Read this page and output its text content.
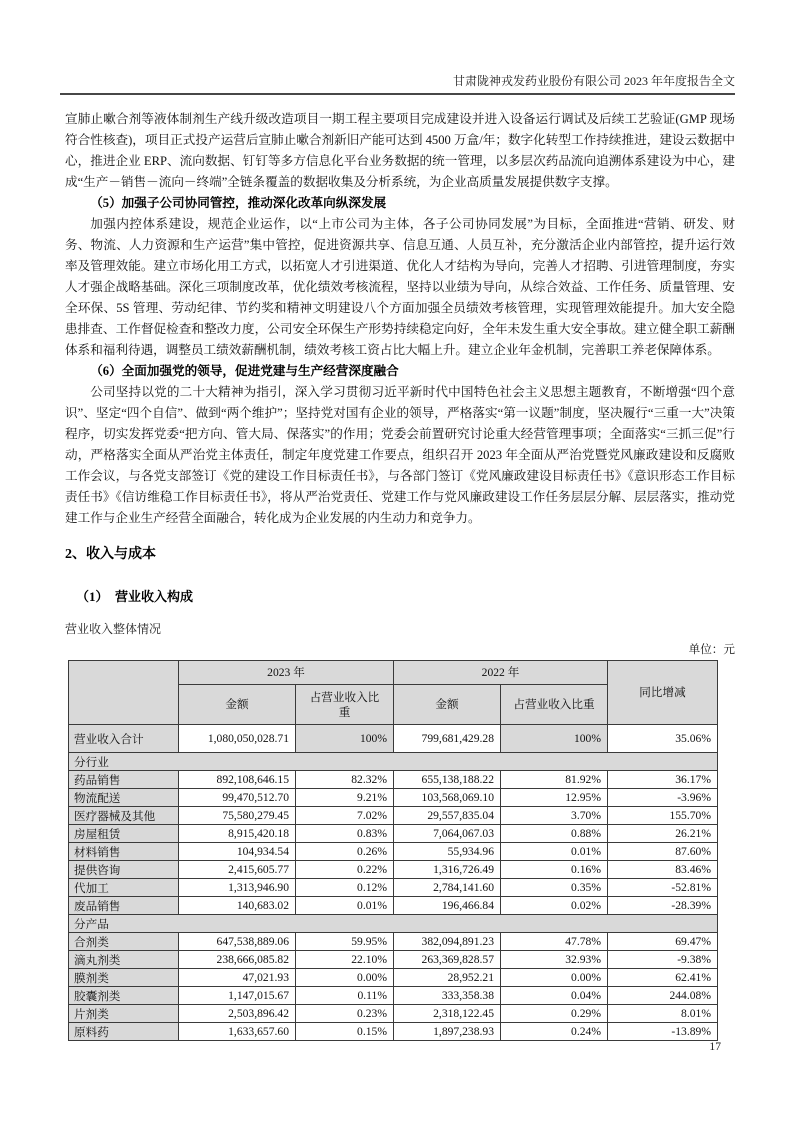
甘肃陇神戎发药业股份有限公司 2023 年年度报告全文

宣肺止嗽合剂等液体制剂生产线升级改造项目一期工程主要项目完成建设并进入设备运行调试及后续工艺验证(GMP 现场符合性核查)，项目正式投产运营后宣肺止嗽合剂新旧产能可达到 4500 万盒/年；数字化转型工作持续推进，建设云数据中心，推进企业 ERP、流向数据、钉钉等多方信息化平台业务数据的统一管理，以多层次药品流向追溯体系建设为中心，建成“生产－销售－流向－终端”全链条覆盖的数据收集及分析系统，为企业高质量发展提供数字支撑。

（5）加强子公司协同管控，推动深化改革向纵深发展

加强内控体系建设，规范企业运作，以“上市公司为主体，各子公司协同发展”为目标，全面推进“营销、研发、财务、物流、人力资源和生产运营”集中管控，促进资源共享、信息互通、人员互补，充分激活企业内部管控，提升运行效率及管理效能。建立市场化用工方式，以拓宽人才引进渠道、优化人才结构为导向，完善人才招聘、引进管理制度，夯实人才强企战略基础。深化三项制度改革，优化绩效考核流程，坚持以业绩为导向，从综合效益、工作任务、质量管理、安全环保、5S 管理、劳动纪律、节约奖和精神文明建设八个方面加强全员绩效考核管理，实现管理效能提升。加大安全隐患排查、工作督促检查和整改力度，公司安全环保生产形势持续稳定向好，全年未发生重大安全事故。建立健全职工薪酬体系和福利待遇，调整员工绩效薪酬机制，绩效考核工资占比大幅上升。建立企业年金机制，完善职工养老保障体系。

（6）全面加强党的领导，促进党建与生产经营深度融合

公司坚持以党的二十大精神为指引，深入学习贯彻习近平新时代中国特色社会主义思想主题教育，不断增强“四个意识”、坚定“四个自信”、做到“两个维护”；坚持党对国有企业的领导，严格落实“第一议题”制度，坚决履行“三重一大”决策程序，切实发挥党委“把方向、管大局、保落实”的作用；党委会前置研究讨论重大经营管理事项；全面落实“三抓三促”行动，严格落实全面从严治党主体责任，制定年度党建工作要点，组织召开 2023 年全面从严治党暨党风廉政建设和反腐败工作会议，与各党支部签订《党的建设工作目标责任书》，与各部门签订《党风廉政建设目标责任书》《意识形态工作目标责任书》《信访维稳工作目标责任书》，将从严治党责任、党建工作与党风廉政建设工作任务层层分解、层层落实，推动党建工作与企业生产经营全面融合，转化成为企业发展的内生动力和竞争力。

2、收入与成本

（1）　营业收入构成

营业收入整体情况

单位：元
	2023 年		2022 年		同比增减
	金额	占营业收入比重	金额	占营业收入比重	
营业收入合计	1,080,050,028.71	100%	799,681,429.28	100%	35.06%
分行业					
药品销售	892,108,646.15	82.32%	655,138,188.22	81.92%	36.17%
物流配送	99,470,512.70	9.21%	103,568,069.10	12.95%	-3.96%
医疗器械及其他	75,580,279.45	7.02%	29,557,835.04	3.70%	155.70%
房屋租赁	8,915,420.18	0.83%	7,064,067.03	0.88%	26.21%
材料销售	104,934.54	0.26%	55,934.96	0.01%	87.60%
提供咨询	2,415,605.77	0.22%	1,316,726.49	0.16%	83.46%
代加工	1,313,946.90	0.12%	2,784,141.60	0.35%	-52.81%
废品销售	140,683.02	0.01%	196,466.84	0.02%	-28.39%
分产品					
合剂类	647,538,889.06	59.95%	382,094,891.23	47.78%	69.47%
滴丸剂类	238,666,085.82	22.10%	263,369,828.57	32.93%	-9.38%
膜剂类	47,021.93	0.00%	28,952.21	0.00%	62.41%
胶囊剂类	1,147,015.67	0.11%	333,358.38	0.04%	244.08%
片剂类	2,503,896.42	0.23%	2,318,122.45	0.29%	8.01%
原料药	1,633,657.60	0.15%	1,897,238.93	0.24%	-13.89%
17
